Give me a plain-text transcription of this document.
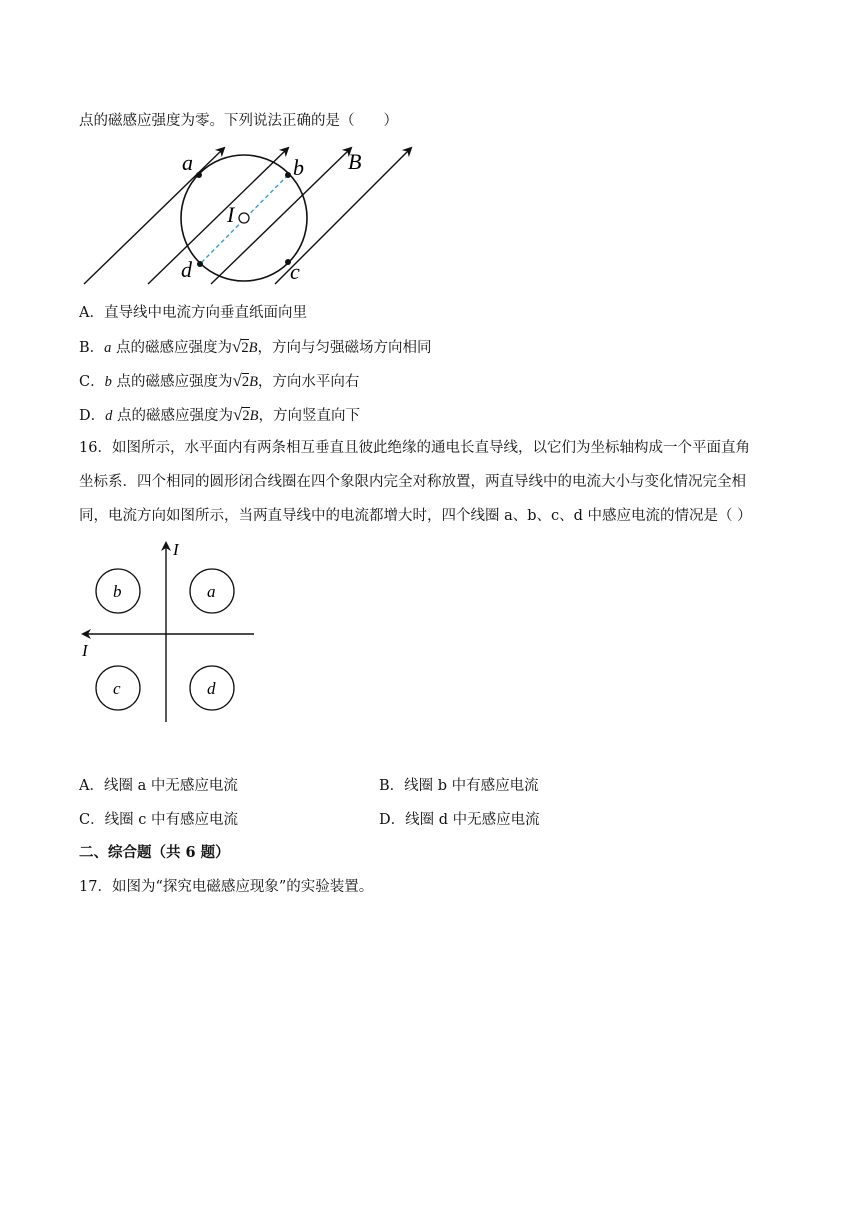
点的磁感应强度为零。下列说法正确的是（　　）
a	b B
I
c
d
A．直导线中电流方向垂直纸面向里
B．a 点的磁感应强度为√2B，方向与匀强磁场方向相同
C．b 点的磁感应强度为√2B，方向水平向右
D．d 点的磁感应强度为√2B，方向竖直向下
16．如图所示，水平面内有两条相互垂直且彼此绝缘的通电长直导线，以它们为坐标轴构成一个平面直角
坐标系．四个相同的圆形闭合线圈在四个象限内完全对称放置，两直导线中的电流大小与变化情况完全相
同，电流方向如图所示，当两直导线中的电流都增大时，四个线圈 a、b、c、d 中感应电流的情况是（ ）
I
I
b	a
c	d
A．线圈 a 中无感应电流	B．线圈 b 中有感应电流
C．线圈 c 中有感应电流	D．线圈 d 中无感应电流
二、综合题（共 6 题）
17．如图为“探究电磁感应现象”的实验装置。
